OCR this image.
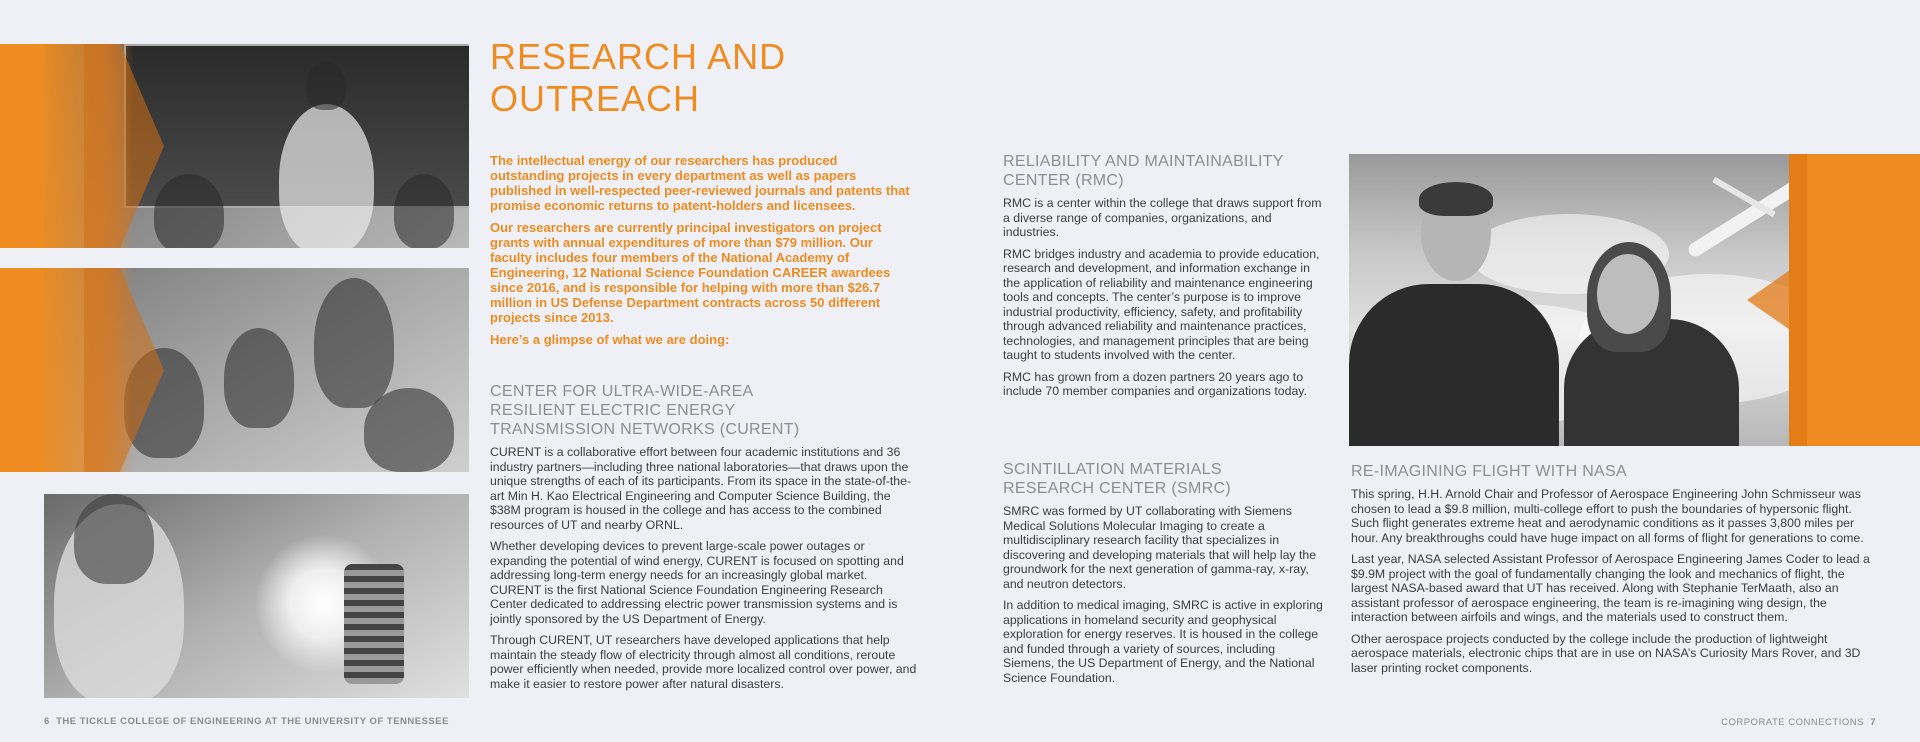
RESEARCH AND
OUTREACH

The intellectual energy of our researchers has produced outstanding projects in every department as well as papers published in well-respected peer-reviewed journals and patents that promise economic returns to patent-holders and licensees.

Our researchers are currently principal investigators on project grants with annual expenditures of more than $79 million. Our faculty includes four members of the National Academy of Engineering, 12 National Science Foundation CAREER awardees since 2016, and is responsible for helping with more than $26.7 million in US Defense Department contracts across 50 different projects since 2013.

Here’s a glimpse of what we are doing:

CENTER FOR ULTRA-WIDE-AREA
RESILIENT ELECTRIC ENERGY
TRANSMISSION NETWORKS (CURENT)

CURENT is a collaborative effort between four academic institutions and 36 industry partners—including three national laboratories—that draws upon the unique strengths of each of its participants. From its space in the state-of-the-art Min H. Kao Electrical Engineering and Computer Science Building, the $38M program is housed in the college and has access to the combined resources of UT and nearby ORNL.

Whether developing devices to prevent large-scale power outages or expanding the potential of wind energy, CURENT is focused on spotting and addressing long-term energy needs for an increasingly global market. CURENT is the first National Science Foundation Engineering Research Center dedicated to addressing electric power transmission systems and is jointly sponsored by the US Department of Energy.

Through CURENT, UT researchers have developed applications that help maintain the steady flow of electricity through almost all conditions, reroute power efficiently when needed, provide more localized control over power, and make it easier to restore power after natural disasters.

6 THE TICKLE COLLEGE OF ENGINEERING AT THE UNIVERSITY OF TENNESSEE
RELIABILITY AND MAINTAINABILITY
CENTER (RMC)

RMC is a center within the college that draws support from a diverse range of companies, organizations, and industries.

RMC bridges industry and academia to provide education, research and development, and information exchange in the application of reliability and maintenance engineering tools and concepts. The center’s purpose is to improve industrial productivity, efficiency, safety, and profitability through advanced reliability and maintenance practices, technologies, and management principles that are being taught to students involved with the center.

RMC has grown from a dozen partners 20 years ago to include 70 member companies and organizations today.

SCINTILLATION MATERIALS
RESEARCH CENTER (SMRC)

SMRC was formed by UT collaborating with Siemens Medical Solutions Molecular Imaging to create a multidisciplinary research facility that specializes in discovering and developing materials that will help lay the groundwork for the next generation of gamma-ray, x-ray, and neutron detectors.

In addition to medical imaging, SMRC is active in exploring applications in homeland security and geophysical exploration for energy reserves. It is housed in the college and funded through a variety of sources, including Siemens, the US Department of Energy, and the National Science Foundation.

RE-IMAGINING FLIGHT WITH NASA

This spring, H.H. Arnold Chair and Professor of Aerospace Engineering John Schmisseur was chosen to lead a $9.8 million, multi-college effort to push the boundaries of hypersonic flight. Such flight generates extreme heat and aerodynamic conditions as it passes 3,800 miles per hour. Any breakthroughs could have huge impact on all forms of flight for generations to come.

Last year, NASA selected Assistant Professor of Aerospace Engineering James Coder to lead a $9.9M project with the goal of fundamentally changing the look and mechanics of flight, the largest NASA-based award that UT has received. Along with Stephanie TerMaath, also an assistant professor of aerospace engineering, the team is re-imagining wing design, the interaction between airfoils and wings, and the materials used to construct them.

Other aerospace projects conducted by the college include the production of lightweight aerospace materials, electronic chips that are in use on NASA’s Curiosity Mars Rover, and 3D laser printing rocket components.

CORPORATE CONNECTIONS 7
